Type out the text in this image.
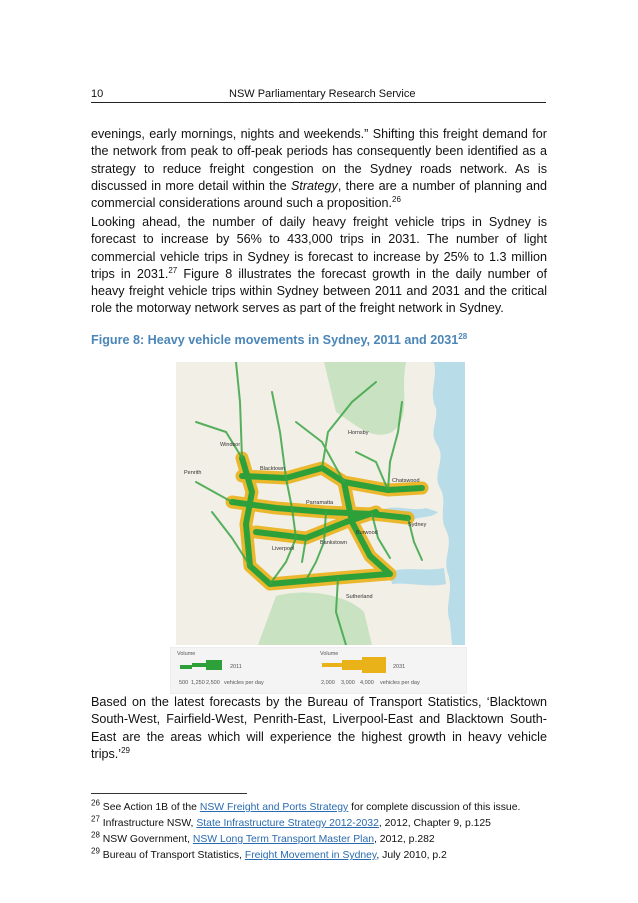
10	NSW Parliamentary Research Service

evenings, early mornings, nights and weekends.” Shifting this freight demand for the network from peak to off-peak periods has consequently been identified as a strategy to reduce freight congestion on the Sydney roads network. As is discussed in more detail within the Strategy, there are a number of planning and commercial considerations around such a proposition.$^{26}$

Looking ahead, the number of daily heavy freight vehicle trips in Sydney is forecast to increase by 56% to 433,000 trips in 2031. The number of light commercial vehicle trips in Sydney is forecast to increase by 25% to 1.3 million trips in 2031.27 Figure 8 illustrates the forecast growth in the daily number of heavy freight vehicle trips within Sydney between 2011 and 2031 and the critical role the motorway network serves as part of the freight network in Sydney.

Figure 8: Heavy vehicle movements in Sydney, 2011 and 2031$^{28}$
Windsor
Hornsby
Penrith
Blacktown
Parramatta
Chatswood
Liverpool
Burwood
Sydney
Bankstown
Sutherland
Volume	Volume
2011	2031
500 1,250 2,500 vehicles per day	2,000 3,000 4,000 vehicles per day

Based on the latest forecasts by the Bureau of Transport Statistics, ‘Blacktown South-West, Fairfield-West, Penrith-East, Liverpool-East and Blacktown South-East are the areas which will experience the highest growth in heavy vehicle trips.’$^{29}$

$^{26}$ See Action 1B of the NSW Freight and Ports Strategy for complete discussion of this issue.
$^{27}$ Infrastructure NSW, State Infrastructure Strategy 2012-2032, 2012, Chapter 9, p.125
$^{28}$ NSW Government, NSW Long Term Transport Master Plan, 2012, p.282
$^{29}$ Bureau of Transport Statistics, Freight Movement in Sydney, July 2010, p.2
